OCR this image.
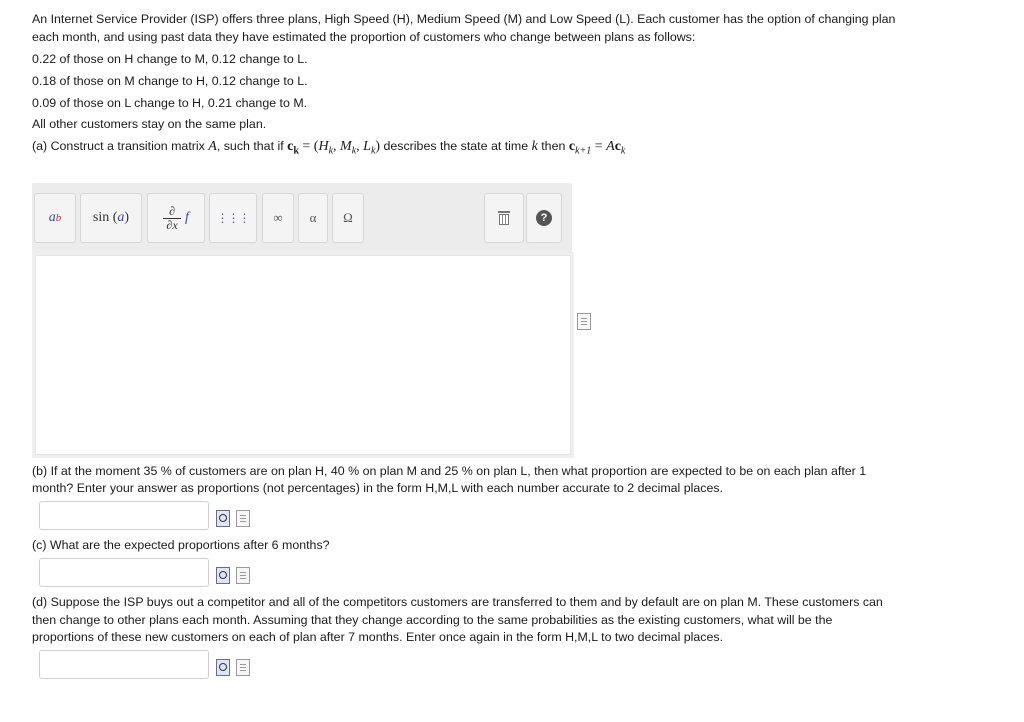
An Internet Service Provider (ISP) offers three plans, High Speed (H), Medium Speed (M) and Low Speed (L). Each customer has the option of changing plan

each month, and using past data they have estimated the proportion of customers who change between plans as follows:

0.22 of those on H change to M, 0.12 change to L.

0.18 of those on M change to H, 0.12 change to L.

0.09 of those on L change to H, 0.21 change to M.

All other customers stay on the same plan.

(a) Construct a transition matrix A, such that if $c_k = (H_k$, $M_k$, $L_k$) describes the state at time k then $c_{k+1} = Ac_k$

a b sin ( a )	∂
∂x f ⋮⋮⋮ ∞ α Ω	?

(b) If at the moment 35 % of customers are on plan H, 40 % on plan M and 25 % on plan L, then what proportion are expected to be on each plan after 1

month? Enter your answer as proportions (not percentages) in the form H,M,L with each number accurate to 2 decimal places.

(c) What are the expected proportions after 6 months?

(d) Suppose the ISP buys out a competitor and all of the competitors customers are transferred to them and by default are on plan M. These customers can

then change to other plans each month. Assuming that they change according to the same probabilities as the existing customers, what will be the

proportions of these new customers on each of plan after 7 months. Enter once again in the form H,M,L to two decimal places.
